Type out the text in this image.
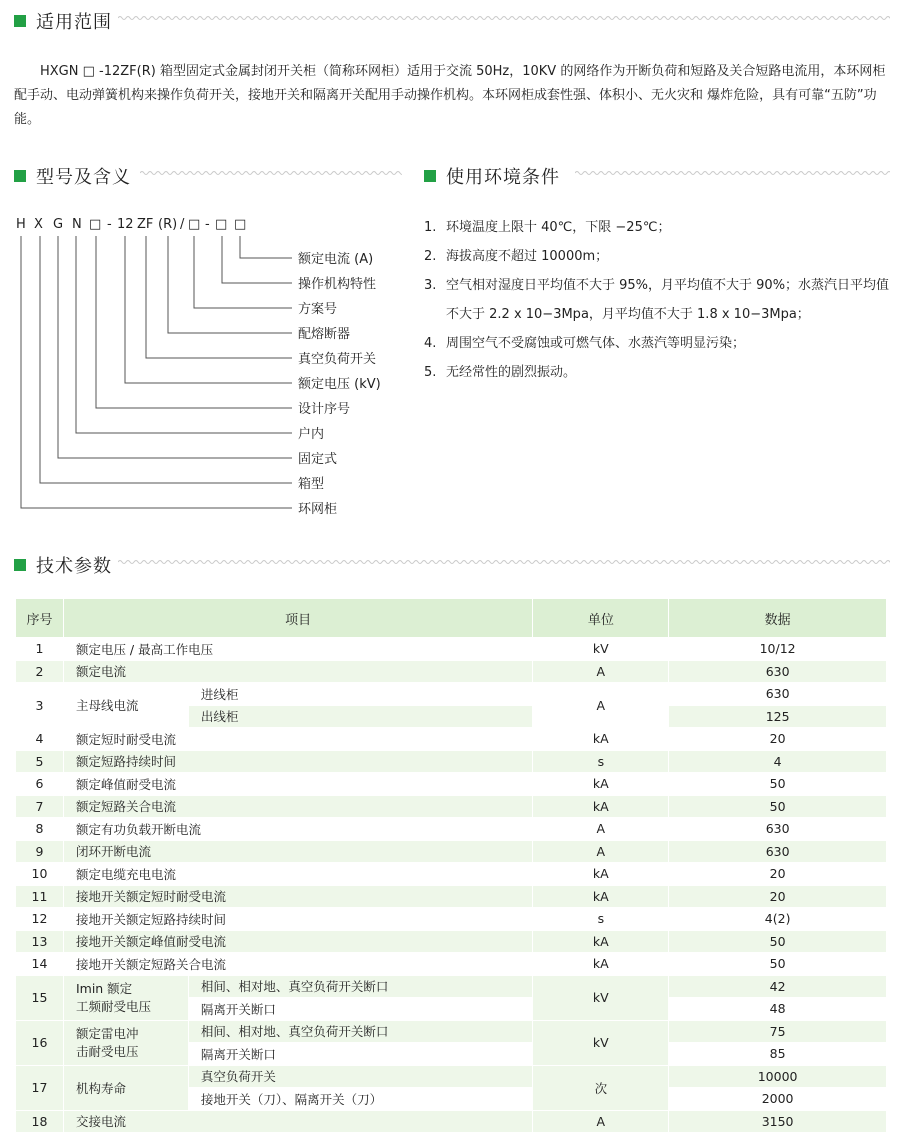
适用范围
HXGN □ -12ZF(R) 箱型固定式金属封闭开关柜（简称环网柜）适用于交流 50Hz，10KV 的网络作为开断负荷和短路及关合短路电流用，本环网柜配手动、电动弹簧机构来操作负荷开关，接地开关和隔离开关配用手动操作机构。本环网柜成套性强、体积小、无火灾和 爆炸危险，具有可靠“五防”功能。
型号及含义	使用环境条件
H X G N □ - 12 ZF (R) / □ - □ □
额定电流 (A)
操作机构特性
方案号
配熔断器
真空负荷开关
额定电压 (kV)
设计序号
户内
固定式
箱型
环网柜
1. 环境温度上限十 40℃，下限 −25℃；
2. 海拔高度不超过 10000m；
3. 空气相对湿度日平均值不大于 95%，月平均值不大于 90%；水蒸汽日平均值不大于 2.2 x 10−3Mpa，月平均值不大于 1.8 x 10−3Mpa；
4. 周围空气不受腐蚀或可燃气体、水蒸汽等明显污染；
5. 无经常性的剧烈振动。
技术参数
序号	项目		单位	数据
1	额定电压 / 最高工作电压		kV	10/12
2	额定电流		A	630
3	主母线电流	进线柜	A	630
		出线柜		125
4	额定短时耐受电流		kA	20
5	额定短路持续时间		s	4
6	额定峰值耐受电流		kA	50
7	额定短路关合电流		kA	50
8	额定有功负载开断电流		A	630
9	闭环开断电流		A	630
10	额定电缆充电电流		kA	20
11	接地开关额定短时耐受电流		kA	20
12	接地开关额定短路持续时间		s	4(2)
13	接地开关额定峰值耐受电流		kA	50
14	接地开关额定短路关合电流		kA	50
15	Imin 额定
工频耐受电压	相间、相对地、真空负荷开关断口	kV	42
		隔离开关断口		48
16	额定雷电冲
击耐受电压	相间、相对地、真空负荷开关断口	kV	75
		隔离开关断口		85
17	机构寿命	真空负荷开关	次	10000
		接地开关（刀）、隔离开关（刀）		2000
18	交接电流		A	3150
